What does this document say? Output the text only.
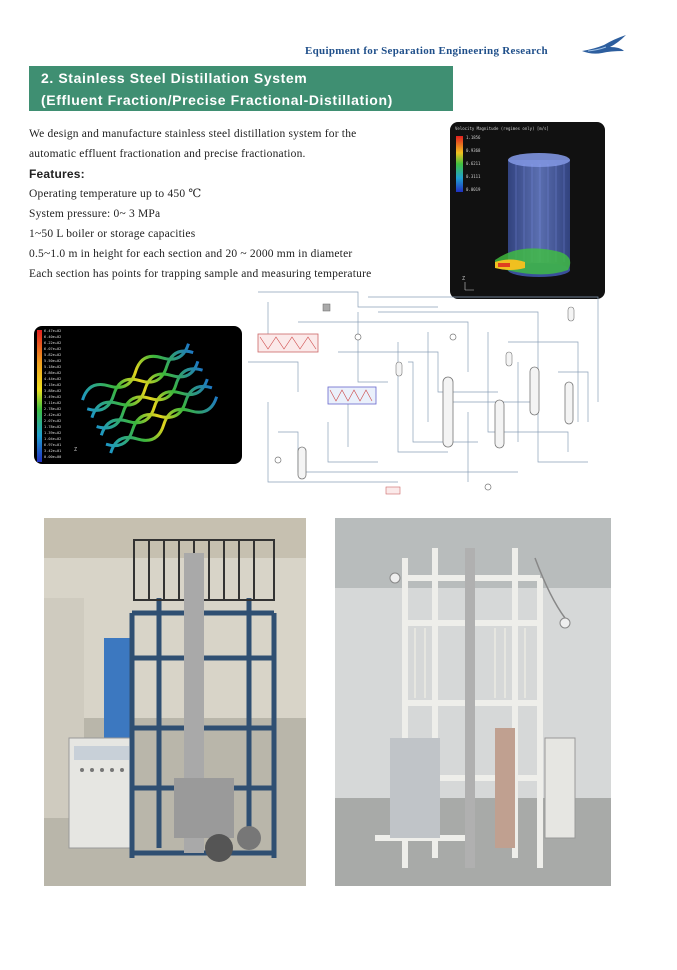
Equipment for Separation Engineering Research
2. Stainless Steel Distillation System
(Effluent Fraction/Precise Fractional-Distillation)
We design and manufacture stainless steel distillation system for the
automatic effluent fractionation and precise fractionation.
Features:
Operating temperature up to 450 ℃
System pressure: 0~ 3 MPa
1~50 L boiler or storage capacities
0.5~1.0 m in height for each section and 20 ~ 2000 mm in diameter
Each section has points for trapping sample and measuring temperature
Velocity Magnitude (regimes only) [m/s]
1.1856
0.9368
0.6211
0.3111
0.0019
Z
6.47e+02
6.40e+02
6.22e+02
6.07e+02
5.82e+02
5.50e+02
5.18e+02
4.86e+02
4.44e+02
4.15e+02
3.88e+02
3.49e+02
3.11e+02
2.78e+02
2.42e+02
2.07e+02
1.78e+02
1.39e+02
1.04e+02
6.97e+01
3.42e+01
0.00e+00
Z
